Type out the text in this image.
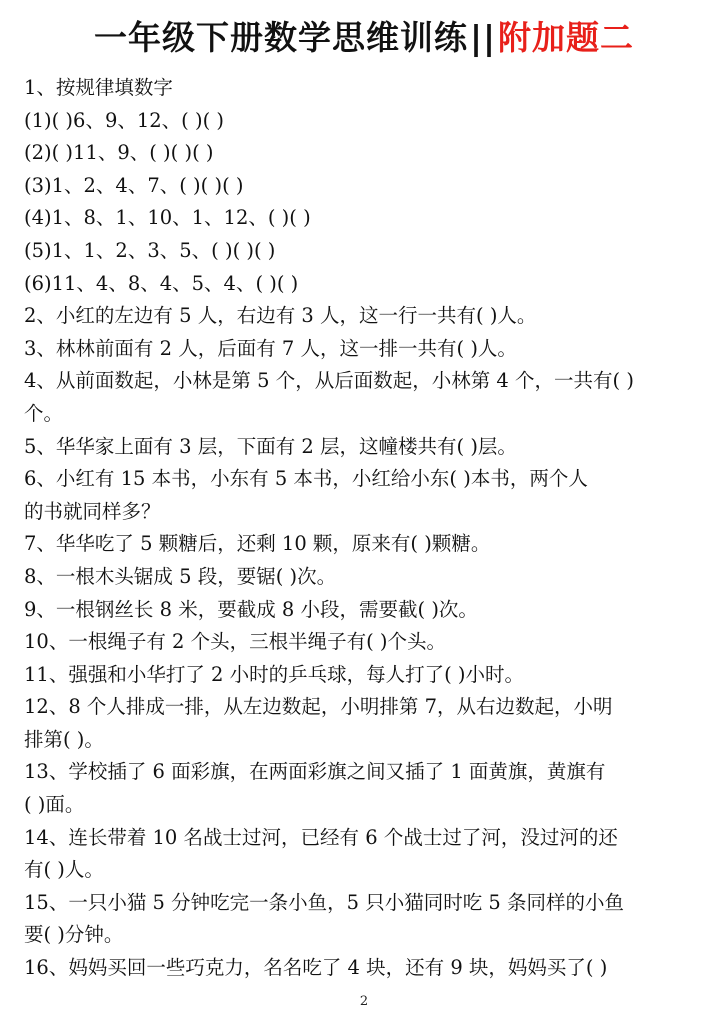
一年级下册数学思维训练||附加题二
1、按规律填数字
(1)( )6、9、12、( )( )
(2)( )11、9、( )( )( )
(3)1、2、4、7、( )( )( )
(4)1、8、1、10、1、12、( )( )
(5)1、1、2、3、5、( )( )( )
(6)11、4、8、4、5、4、( )( )
2、小红的左边有 5 人，右边有 3 人，这一行一共有( )人。
3、林林前面有 2 人，后面有 7 人，这一排一共有( )人。
4、从前面数起，小林是第 5 个，从后面数起，小林第 4 个，一共有( )
个。
5、华华家上面有 3 层，下面有 2 层，这幢楼共有( )层。
6、小红有 15 本书，小东有 5 本书，小红给小东( )本书，两个人
的书就同样多？
7、华华吃了 5 颗糖后，还剩 10 颗，原来有( )颗糖。
8、一根木头锯成 5 段，要锯( )次。
9、一根钢丝长 8 米，要截成 8 小段，需要截( )次。
10、一根绳子有 2 个头，三根半绳子有( )个头。
11、强强和小华打了 2 小时的乒乓球，每人打了( )小时。
12、8 个人排成一排，从左边数起，小明排第 7，从右边数起，小明
排第( )。
13、学校插了 6 面彩旗，在两面彩旗之间又插了 1 面黄旗，黄旗有
( )面。
14、连长带着 10 名战士过河，已经有 6 个战士过了河，没过河的还
有( )人。
15、一只小猫 5 分钟吃完一条小鱼，5 只小猫同时吃 5 条同样的小鱼
要( )分钟。
16、妈妈买回一些巧克力，名名吃了 4 块，还有 9 块，妈妈买了( )
2
